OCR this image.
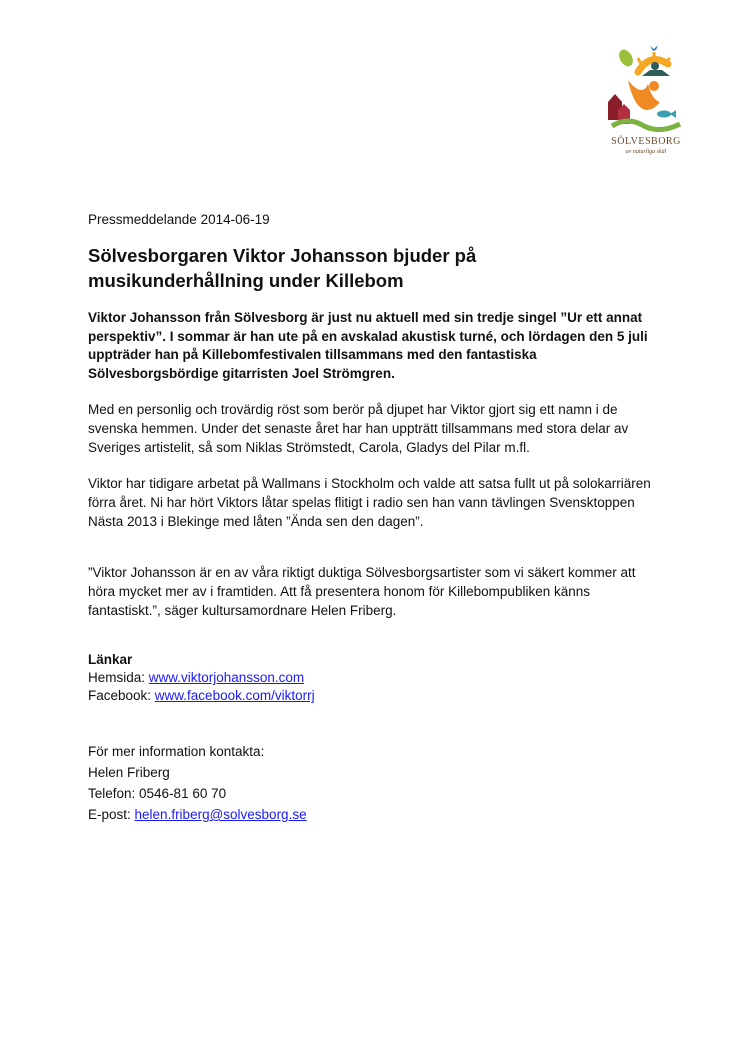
SÖLVESBORG
av naturliga skäl

Pressmeddelande 2014-06-19

Sölvesborgaren Viktor Johansson bjuder på musikunderhållning under Killebom

Viktor Johansson från Sölvesborg är just nu aktuell med sin tredje singel ”Ur ett annat perspektiv”. I sommar är han ute på en avskalad akustisk turné, och lördagen den 5 juli uppträder han på Killebomfestivalen tillsammans med den fantastiska Sölvesborgsbördige gitarristen Joel Strömgren.

Med en personlig och trovärdig röst som berör på djupet har Viktor gjort sig ett namn i de svenska hemmen. Under det senaste året har han uppträtt tillsammans med stora delar av Sveriges artistelit, så som Niklas Strömstedt, Carola, Gladys del Pilar m.fl.

Viktor har tidigare arbetat på Wallmans i Stockholm och valde att satsa fullt ut på solokarriären förra året. Ni har hört Viktors låtar spelas flitigt i radio sen han vann tävlingen Svensktoppen Nästa 2013 i Blekinge med låten ”Ända sen den dagen”.

”Viktor Johansson är en av våra riktigt duktiga Sölvesborgsartister som vi säkert kommer att höra mycket mer av i framtiden. Att få presentera honom för Killebompubliken känns fantastiskt.”, säger kultursamordnare Helen Friberg.

Länkar
Hemsida: www.viktorjohansson.com
Facebook: www.facebook.com/viktorrj
För mer information kontakta:
Helen Friberg
Telefon: 0546-81 60 70
E-post: helen.friberg@solvesborg.se
